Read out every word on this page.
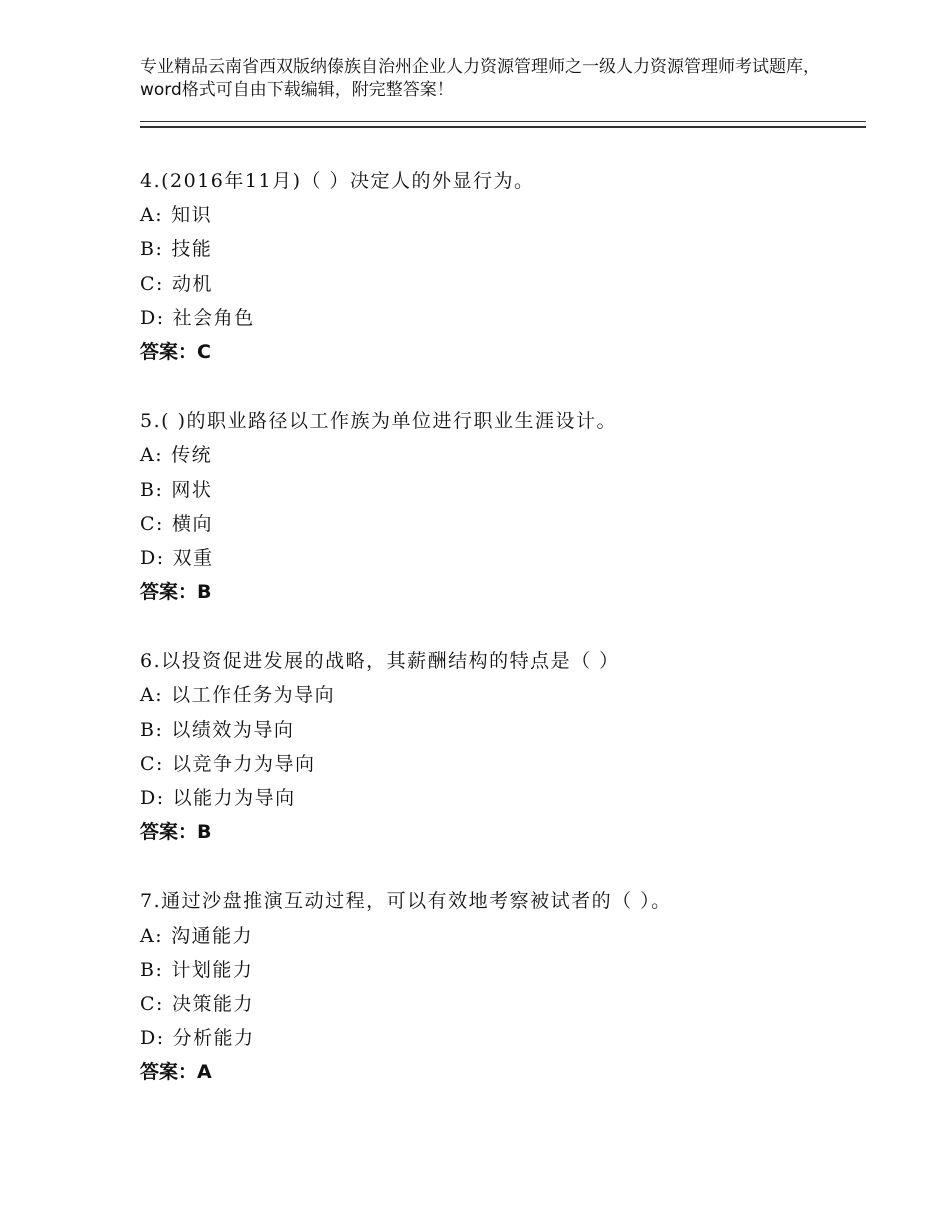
专业精品云南省西双版纳傣族自治州企业人力资源管理师之一级人力资源管理师考试题库，word格式可自由下载编辑，附完整答案！
4.(2016年11月)（ ）决定人的外显行为。
A: 知识
B: 技能
C: 动机
D: 社会角色
答案：C
5.( )的职业路径以工作族为单位进行职业生涯设计。
A: 传统
B: 网状
C: 横向
D: 双重
答案：B
6.以投资促进发展的战略，其薪酬结构的特点是（ ）
A: 以工作任务为导向
B: 以绩效为导向
C: 以竞争力为导向
D: 以能力为导向
答案：B
7.通过沙盘推演互动过程，可以有效地考察被试者的（ ）。
A: 沟通能力
B: 计划能力
C: 决策能力
D: 分析能力
答案：A
